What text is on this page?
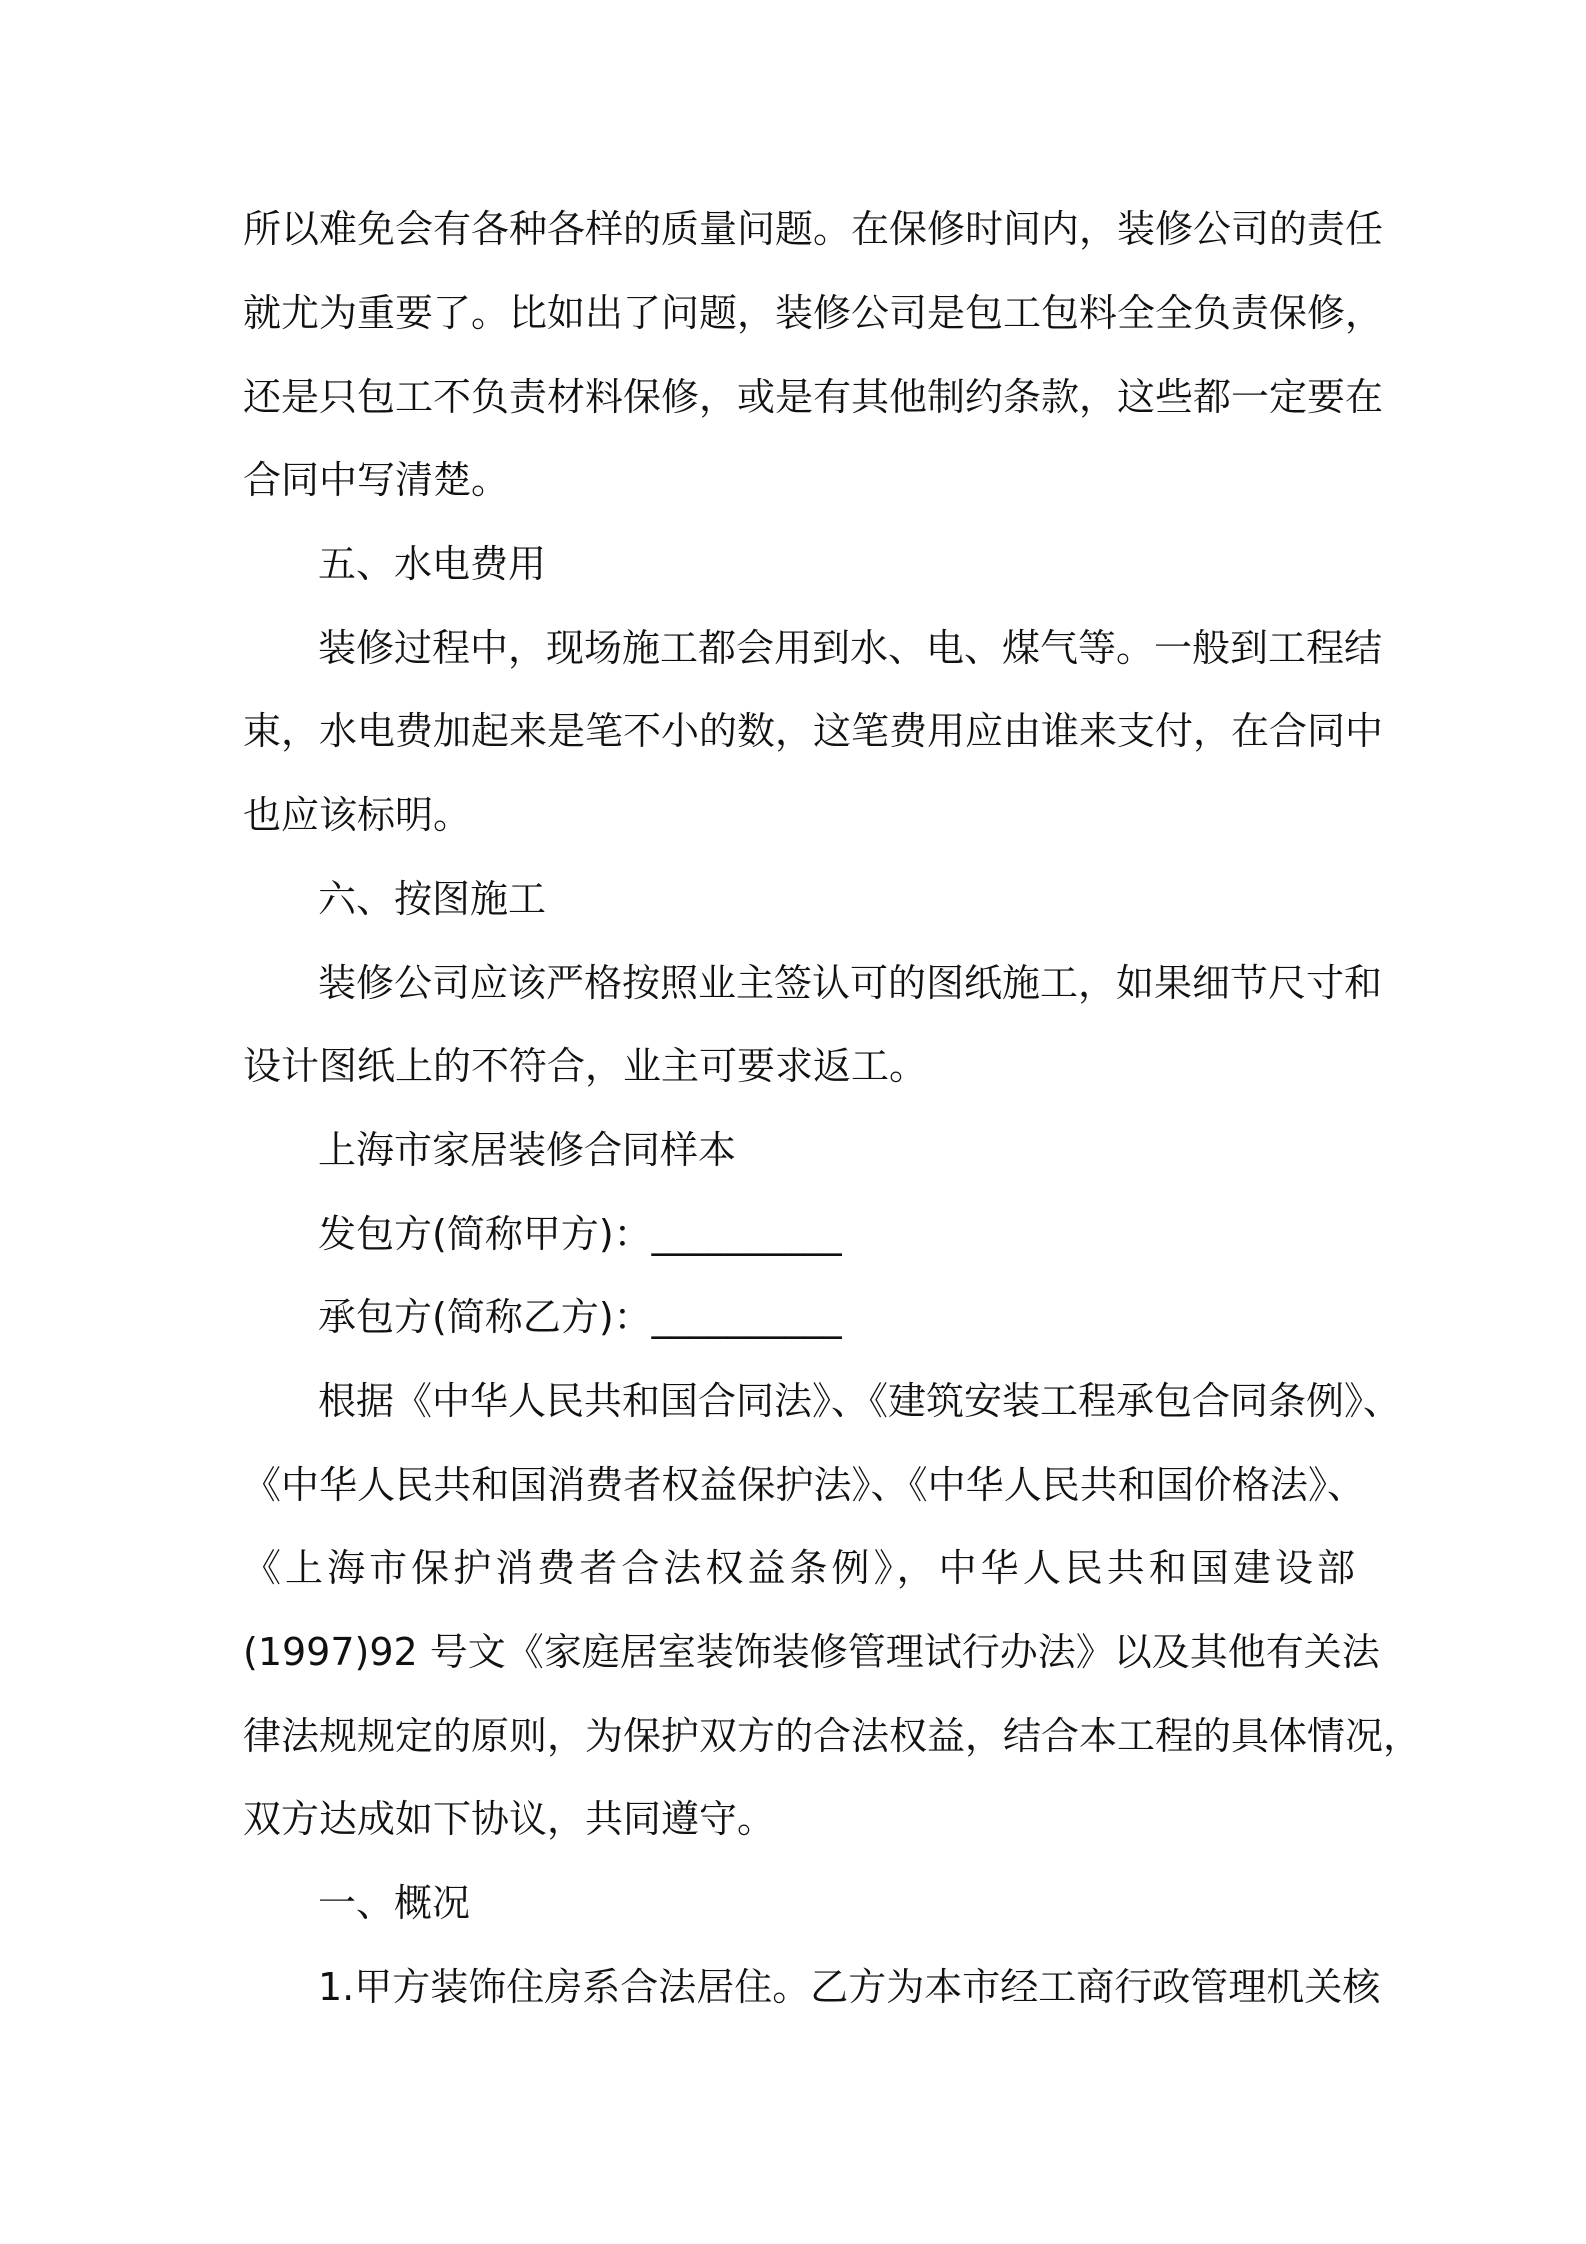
所以难免会有各种各样的质量问题。在保修时间内，装修公司的责任

就尤为重要了。比如出了问题，装修公司是包工包料全全负责保修，

还是只包工不负责材料保修，或是有其他制约条款，这些都一定要在

合同中写清楚。

五、水电费用

装修过程中，现场施工都会用到水、电、煤气等。一般到工程结

束，水电费加起来是笔不小的数，这笔费用应由谁来支付，在合同中

也应该标明。

六、按图施工

装修公司应该严格按照业主签认可的图纸施工，如果细节尺寸和

设计图纸上的不符合，业主可要求返工。

上海市家居装修合同样本

发包方(简称甲方)：__________

承包方(简称乙方)：__________

根据《中华人民共和国合同法》、《建筑安装工程承包合同条例》、

《中华人民共和国消费者权益保护法》、《中华人民共和国价格法》、

《上海市保护消费者合法权益条例》，中华人民共和国建设部

(1997)92 号文《家庭居室装饰装修管理试行办法》以及其他有关法

律法规规定的原则，为保护双方的合法权益，结合本工程的具体情况，

双方达成如下协议，共同遵守。

一、概况

1.甲方装饰住房系合法居住。乙方为本市经工商行政管理机关核
